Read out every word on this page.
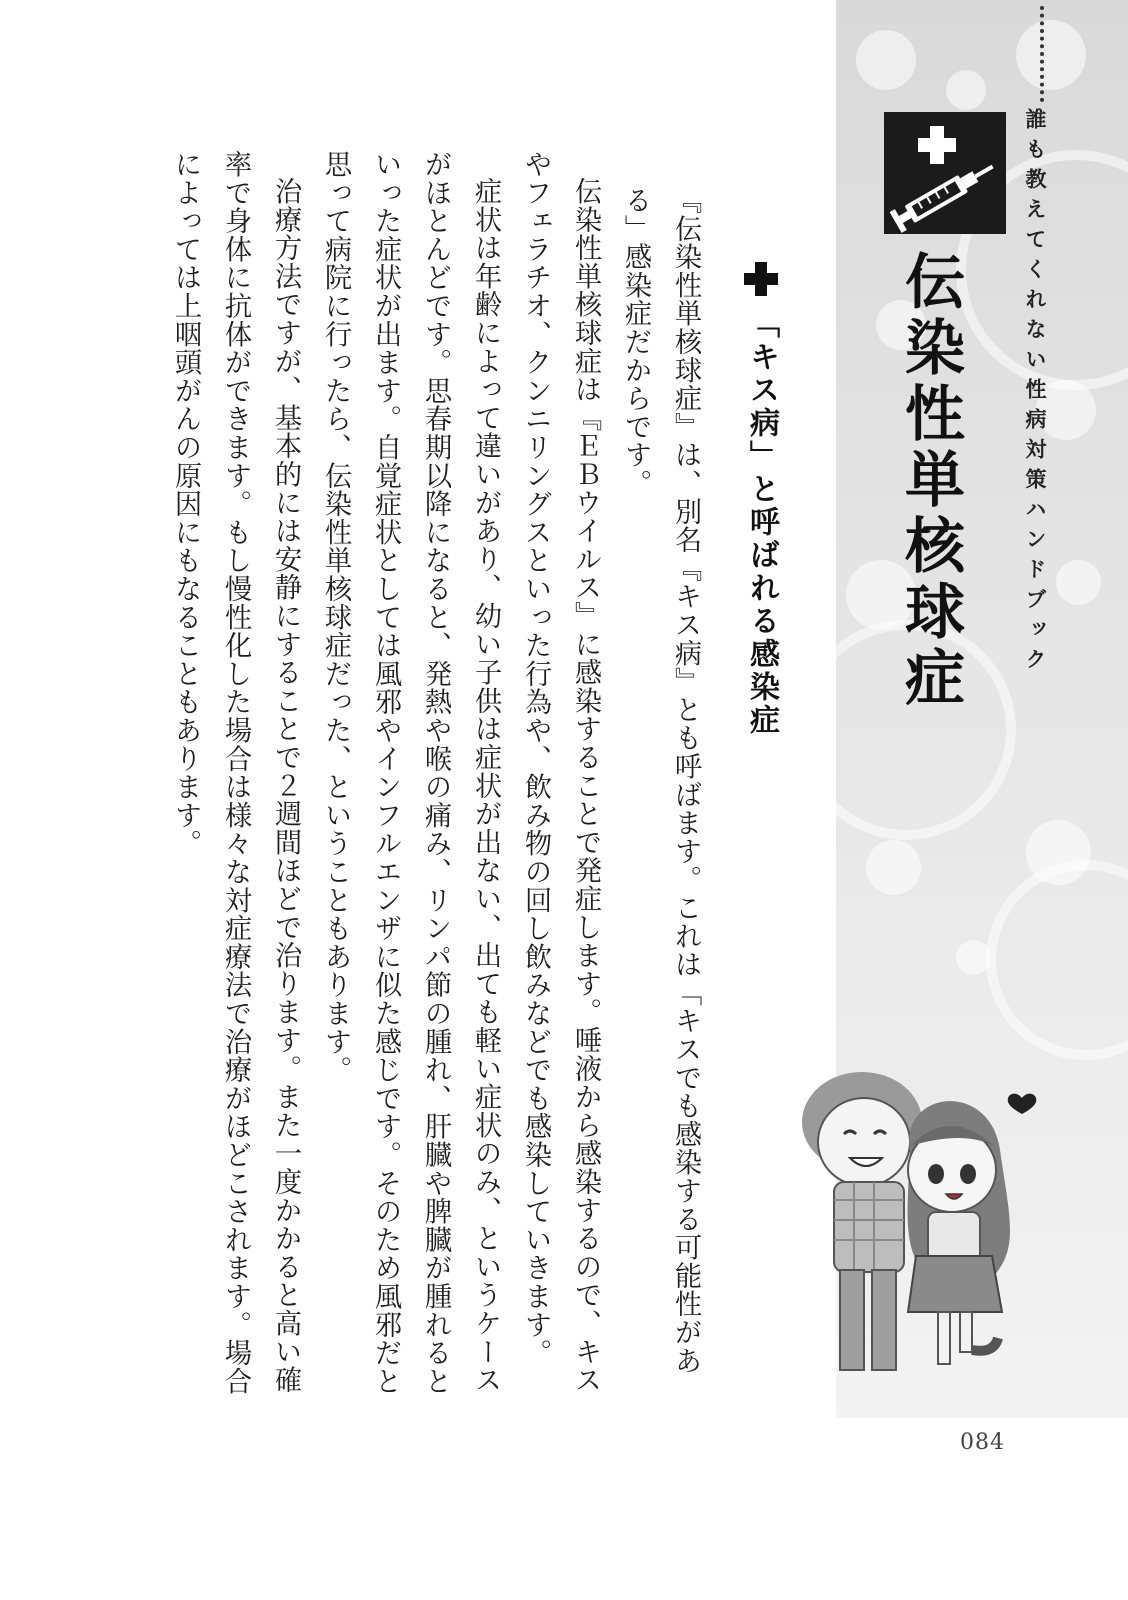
誰も教えてくれない性病対策ハンドブック
伝染性単核球症
「キス病」と呼ばれる感染症

『伝染性単核球症』は、別名『キス病』とも呼ばます。これは「キスでも感染する可能性がある」感染症だからです。

伝染性単核球症は『ＥＢウイルス』に感染することで発症します。唾液から感染するので、キスやフェラチオ、クンニリングスといった行為や、飲み物の回し飲みなどでも感染していきます。

症状は年齢によって違いがあり、幼い子供は症状が出ない、出ても軽い症状のみ、というケースがほとんどです。思春期以降になると、発熱や喉の痛み、リンパ節の腫れ、肝臓や脾臓が腫れるといった症状が出ます。自覚症状としては風邪やインフルエンザに似た感じです。そのため風邪だと思って病院に行ったら、伝染性単核球症だった、ということもあります。

治療方法ですが、基本的には安静にすることで２週間ほどで治ります。また一度かかると高い確率で身体に抗体ができます。もし慢性化した場合は様々な対症療法で治療がほどこされます。場合によっては上咽頭がんの原因にもなることもあります。

084
